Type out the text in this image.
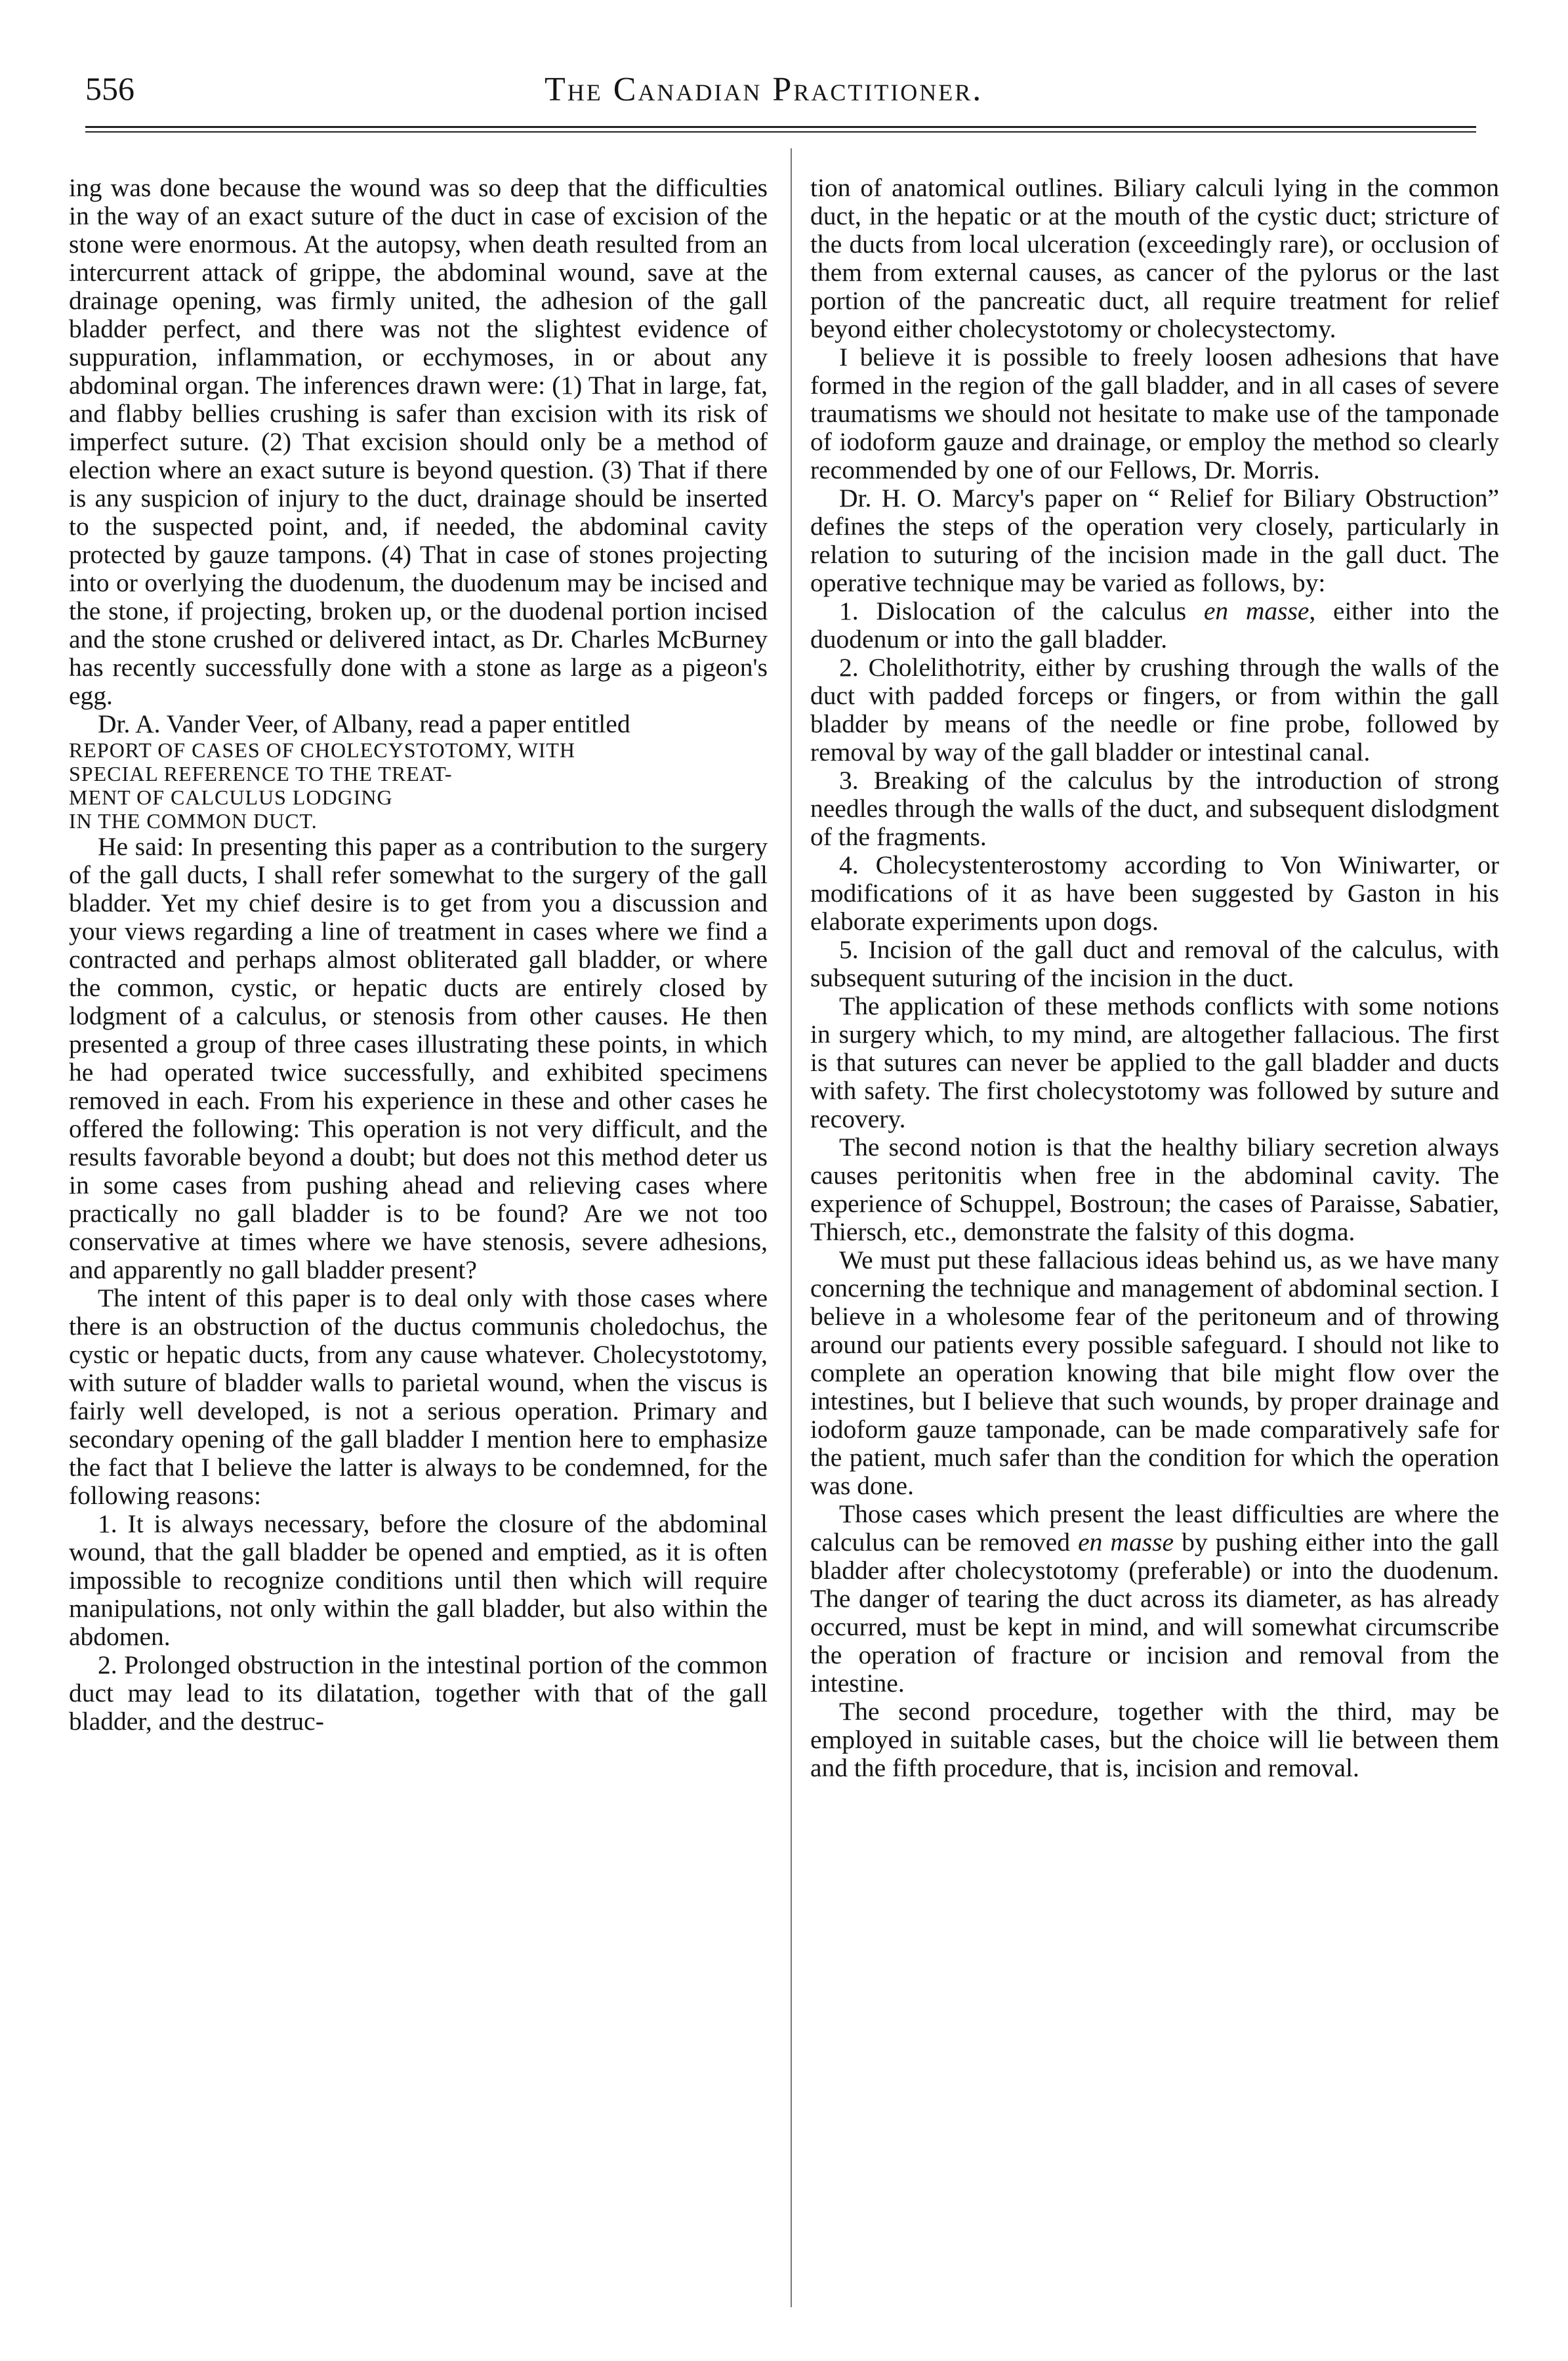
556	The Canadian Practitioner.

ing was done because the wound was so deep that the difficulties in the way of an exact suture of the duct in case of excision of the stone were enormous. At the autopsy, when death resulted from an intercurrent attack of grippe, the abdominal wound, save at the drainage opening, was firmly united, the adhesion of the gall bladder perfect, and there was not the slightest evidence of suppuration, inflammation, or ecchymoses, in or about any abdominal organ. The inferences drawn were: (1) That in large, fat, and flabby bellies crushing is safer than excision with its risk of imperfect suture. (2) That excision should only be a method of election where an exact suture is beyond question. (3) That if there is any suspicion of injury to the duct, drainage should be inserted to the suspected point, and, if needed, the abdominal cavity protected by gauze tampons. (4) That in case of stones projecting into or overlying the duodenum, the duodenum may be incised and the stone, if projecting, broken up, or the duodenal portion incised and the stone crushed or delivered intact, as Dr. Charles McBurney has recently successfully done with a stone as large as a pigeon's egg.

Dr. A. Vander Veer, of Albany, read a paper entitled

REPORT OF CASES OF CHOLECYSTOTOMY, WITH

SPECIAL REFERENCE TO THE TREAT-

MENT OF CALCULUS LODGING

IN THE COMMON DUCT.

He said: In presenting this paper as a contribution to the surgery of the gall ducts, I shall refer somewhat to the surgery of the gall bladder. Yet my chief desire is to get from you a discussion and your views regarding a line of treatment in cases where we find a contracted and perhaps almost obliterated gall bladder, or where the common, cystic, or hepatic ducts are entirely closed by lodgment of a calculus, or stenosis from other causes. He then presented a group of three cases illustrating these points, in which he had operated twice successfully, and exhibited specimens removed in each. From his experience in these and other cases he offered the following: This operation is not very difficult, and the results favorable beyond a doubt; but does not this method deter us in some cases from pushing ahead and relieving cases where practically no gall bladder is to be found? Are we not too conservative at times where we have stenosis, severe adhesions, and apparently no gall bladder present?

The intent of this paper is to deal only with those cases where there is an obstruction of the ductus communis choledochus, the cystic or hepatic ducts, from any cause whatever. Cholecystotomy, with suture of bladder walls to parietal wound, when the viscus is fairly well developed, is not a serious operation. Primary and secondary opening of the gall bladder I mention here to emphasize the fact that I believe the latter is always to be condemned, for the following reasons:

1. It is always necessary, before the closure of the abdominal wound, that the gall bladder be opened and emptied, as it is often impossible to recognize conditions until then which will require manipulations, not only within the gall bladder, but also within the abdomen.

2. Prolonged obstruction in the intestinal portion of the common duct may lead to its dilatation, together with that of the gall bladder, and the destruc-

tion of anatomical outlines. Biliary calculi lying in the common duct, in the hepatic or at the mouth of the cystic duct; stricture of the ducts from local ulceration (exceedingly rare), or occlusion of them from external causes, as cancer of the pylorus or the last portion of the pancreatic duct, all require treatment for relief beyond either cholecystotomy or cholecystectomy.

I believe it is possible to freely loosen adhesions that have formed in the region of the gall bladder, and in all cases of severe traumatisms we should not hesitate to make use of the tamponade of iodoform gauze and drainage, or employ the method so clearly recommended by one of our Fellows, Dr. Morris.

Dr. H. O. Marcy's paper on “ Relief for Biliary Obstruction” defines the steps of the operation very closely, particularly in relation to suturing of the incision made in the gall duct. The operative technique may be varied as follows, by:

1. Dislocation of the calculus en masse, either into the duodenum or into the gall bladder.

2. Cholelithotrity, either by crushing through the walls of the duct with padded forceps or fingers, or from within the gall bladder by means of the needle or fine probe, followed by removal by way of the gall bladder or intestinal canal.

3. Breaking of the calculus by the introduction of strong needles through the walls of the duct, and subsequent dislodgment of the fragments.

4. Cholecystenterostomy according to Von Winiwarter, or modifications of it as have been suggested by Gaston in his elaborate experiments upon dogs.

5. Incision of the gall duct and removal of the calculus, with subsequent suturing of the incision in the duct.

The application of these methods conflicts with some notions in surgery which, to my mind, are altogether fallacious. The first is that sutures can never be applied to the gall bladder and ducts with safety. The first cholecystotomy was followed by suture and recovery.

The second notion is that the healthy biliary secretion always causes peritonitis when free in the abdominal cavity. The experience of Schuppel, Bostroun; the cases of Paraisse, Sabatier, Thiersch, etc., demonstrate the falsity of this dogma.

We must put these fallacious ideas behind us, as we have many concerning the technique and management of abdominal section. I believe in a wholesome fear of the peritoneum and of throwing around our patients every possible safeguard. I should not like to complete an operation knowing that bile might flow over the intestines, but I believe that such wounds, by proper drainage and iodoform gauze tamponade, can be made comparatively safe for the patient, much safer than the condition for which the operation was done.

Those cases which present the least difficulties are where the calculus can be removed en masse by pushing either into the gall bladder after cholecystotomy (preferable) or into the duodenum. The danger of tearing the duct across its diameter, as has already occurred, must be kept in mind, and will somewhat circumscribe the operation of fracture or incision and removal from the intestine.

The second procedure, together with the third, may be employed in suitable cases, but the choice will lie between them and the fifth procedure, that is, incision and removal.
